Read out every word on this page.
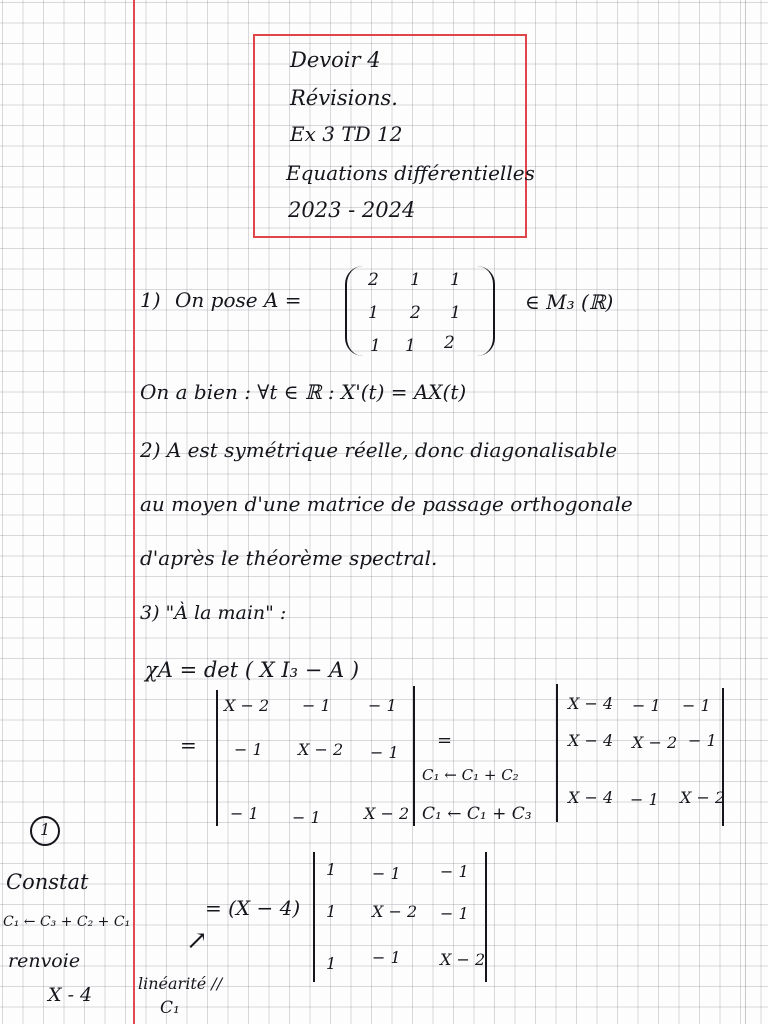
Devoir 4
Révisions.
Ex 3 TD 12
Equations différentielles
2023 - 2024
1) On pose A =
2 1 1
1 2 1
1 1 2
∈ M₃ (ℝ)
On a bien : ∀t ∈ ℝ : X'(t) = AX(t)
2) A est symétrique réelle, donc diagonalisable
au moyen d'une matrice de passage orthogonale
d'après le théorème spectral.
3) "À la main" :
χA = det ( X I₃ − A )
=
X − 2 − 1 − 1
− 1 X − 2 − 1
− 1 − 1	X − 2
=
C₁ ← C₁ + C₂
C₁ ← C₁ + C₃
X − 4 − 1 − 1
X − 4 X − 2 − 1
X − 4 − 1 X − 2
= (X − 4)
1 − 1 − 1
1 X − 2 − 1
1 − 1 X − 2
1
Constat
C₁ ← C₃ + C₂ + C₁
renvoie
X - 4
↗
linéarité //
C₁
